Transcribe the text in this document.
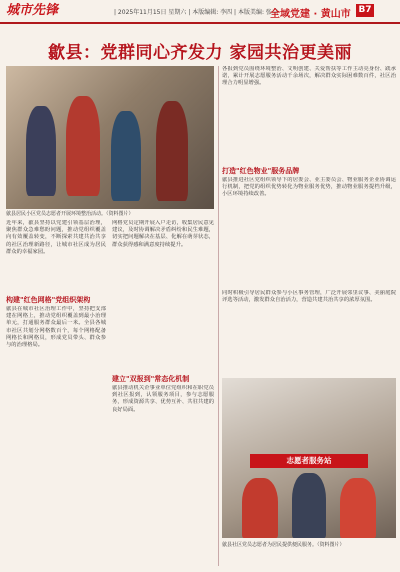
城市先锋	| 2025年11月15日 星期六 | 本版编辑: 李四 | 本版美编: 张三
全域党建 · 黄山市 B7
歙县：党群同心齐发力 家园共治更美丽
歙县居民小区党员志愿者开展环境整治活动。（资料图片）
近年来，歙县坚持以党建引领基层治理，聚焦群众急难愁盼问题，推动党组织覆盖向有效覆盖转变，不断探索共建共治共享的社区治理新路径，让城市社区成为居民群众的幸福家园。
构建"红色网格"党组织架构
歙县在城市社区治理工作中，坚持把支部建在网格上，推动党组织覆盖到最小治理单元，打通服务群众最后一米。全县各城市社区共划分网格数百个，每个网格配备网格长和网格员，形成党员带头、群众参与的治理格局。
网格党员定期开展入户走访，收集居民意见建议，及时协调解决矛盾纠纷和民生难题，切实把问题解决在基层、化解在萌芽状态，群众获得感和满意度持续提升。
建立"双报到"常态化机制
歙县推动机关企事业单位党组织和在职党员到社区报到，认领服务项目，参与志愿服务，形成资源共享、优势互补、共驻共建的良好局面。
各报到党员围绕环境整治、文明创建、关爱帮扶等工作主动亮身份、践承诺，累计开展志愿服务活动千余场次，解决群众实际困难数百件，社区治理合力明显增强。
打造"红色物业"服务品牌
歙县推进社区党组织领导下的居委会、业主委员会、物业服务企业协调运行机制，把党的组织优势转化为物业服务优势，推动物业服务提档升级，小区环境持续改善。
同时积极引导居民群众参与小区事务管理，广泛开展邻里议事、美丽庭院评选等活动，激发群众自治活力，营造共建共治共享的浓厚氛围。
志愿者服务站
歙县社区党员志愿者为居民提供便民服务。（资料图片）
